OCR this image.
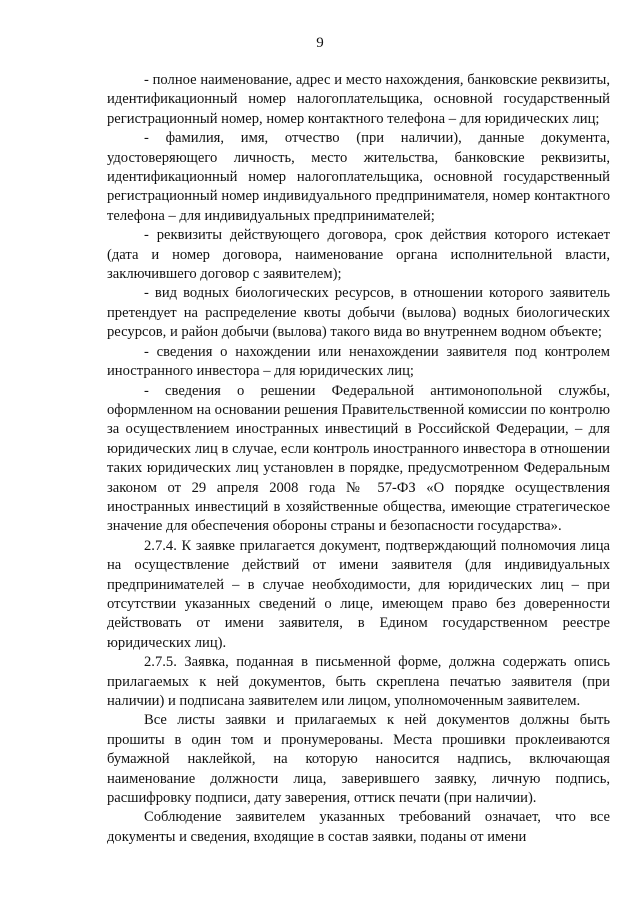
9

- полное наименование, адрес и место нахождения, банковские реквизиты, идентификационный номер налогоплательщика, основной государственный регистрационный номер, номер контактного телефона – для юридических лиц;

- фамилия, имя, отчество (при наличии), данные документа, удостоверяющего личность, место жительства, банковские реквизиты, идентификационный номер налогоплательщика, основной государственный регистрационный номер индивидуального предпринимателя, номер контактного телефона – для индивидуальных предпринимателей;

- реквизиты действующего договора, срок действия которого истекает (дата и номер договора, наименование органа исполнительной власти, заключившего договор с заявителем);

- вид водных биологических ресурсов, в отношении которого заявитель претендует на распределение квоты добычи (вылова) водных биологических ресурсов, и район добычи (вылова) такого вида во внутреннем водном объекте;

- сведения о нахождении или ненахождении заявителя под контролем иностранного инвестора – для юридических лиц;

- сведения о решении Федеральной антимонопольной службы, оформленном на основании решения Правительственной комиссии по контролю за осуществлением иностранных инвестиций в Российской Федерации, – для юридических лиц в случае, если контроль иностранного инвестора в отношении таких юридических лиц установлен в порядке, предусмотренном Федеральным законом от 29 апреля 2008 года № 57-ФЗ «О порядке осуществления иностранных инвестиций в хозяйственные общества, имеющие стратегическое значение для обеспечения обороны страны и безопасности государства».

2.7.4. К заявке прилагается документ, подтверждающий полномочия лица на осуществление действий от имени заявителя (для индивидуальных предпринимателей – в случае необходимости, для юридических лиц – при отсутствии указанных сведений о лице, имеющем право без доверенности действовать от имени заявителя, в Едином государственном реестре юридических лиц).

2.7.5. Заявка, поданная в письменной форме, должна содержать опись прилагаемых к ней документов, быть скреплена печатью заявителя (при наличии) и подписана заявителем или лицом, уполномоченным заявителем.

Все листы заявки и прилагаемых к ней документов должны быть прошиты в один том и пронумерованы. Места прошивки проклеиваются бумажной наклейкой, на которую наносится надпись, включающая наименование должности лица, заверившего заявку, личную подпись, расшифровку подписи, дату заверения, оттиск печати (при наличии).

Соблюдение заявителем указанных требований означает, что все документы и сведения, входящие в состав заявки, поданы от имени
